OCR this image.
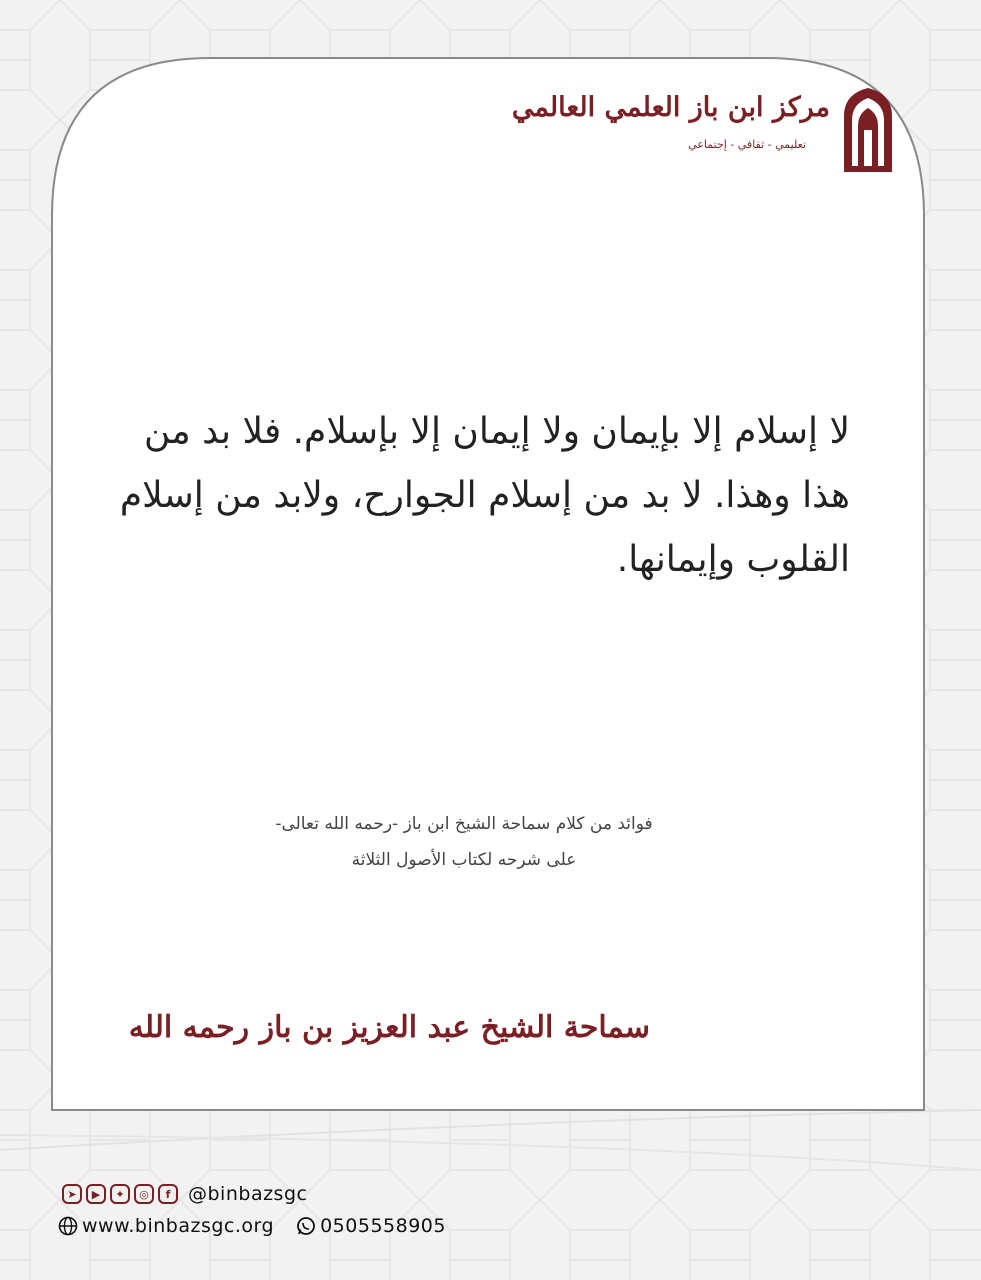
مركز ابن باز العلمي العالمي
تعليمي - ثقافي - إجتماعي
لا إسلام إلا بإيمان ولا إيمان إلا بإسلام. فلا بد من هذا وهذا. لا بد من إسلام الجوارح، ولابد من إسلام القلوب وإيمانها.
فوائد من كلام سماحة الشيخ ابن باز -رحمه الله تعالى-
على شرحه لكتاب الأصول الثلاثة
سماحة الشيخ عبد العزيز بن باز رحمه الله
➤	▶	✦	◎	f @binbazsgc
www.binbazsgc.org 0505558905
